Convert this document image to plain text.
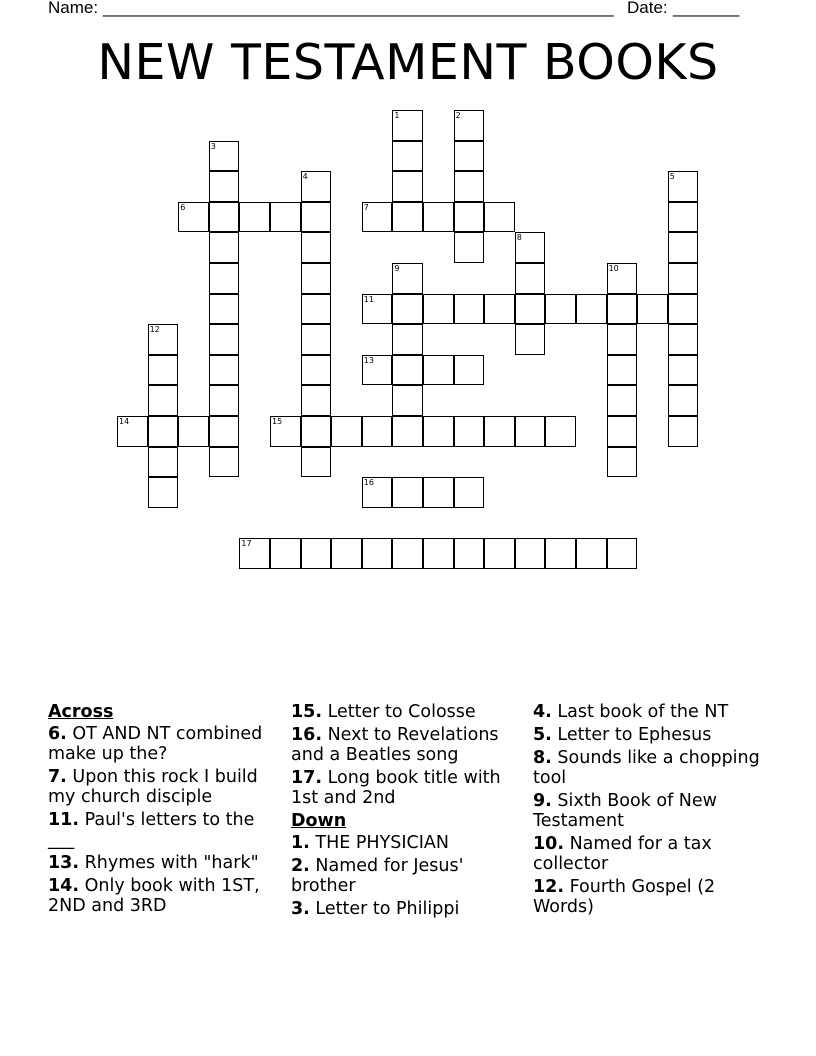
Name: ______________________________________________________ Date: _______
NEW TESTAMENT BOOKS
1	2
3
4	5
6	7
8
9	10
11
12
13
14	15
16
17
Across
6. OT AND NT combined make up the?
7. Upon this rock I build my church disciple
11. Paul's letters to the ___
13. Rhymes with "hark"
14. Only book with 1ST, 2ND and 3RD
15. Letter to Colosse
16. Next to Revelations and a Beatles song
17. Long book title with 1st and 2nd
Down
1. THE PHYSICIAN
2. Named for Jesus' brother
3. Letter to Philippi
4. Last book of the NT
5. Letter to Ephesus
8. Sounds like a chopping tool
9. Sixth Book of New Testament
10. Named for a tax collector
12. Fourth Gospel (2 Words)
